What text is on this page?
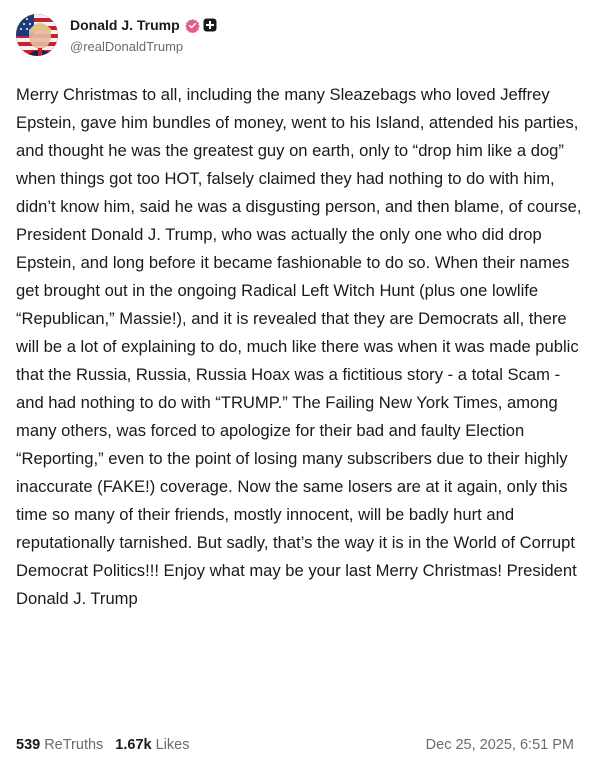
Donald J. Trump
@realDonaldTrump

Merry Christmas to all, including the many Sleazebags who loved Jeffrey Epstein, gave him bundles of money, went to his Island, attended his parties, and thought he was the greatest guy on earth, only to “drop him like a dog” when things got too HOT, falsely claimed they had nothing to do with him, didn’t know him, said he was a disgusting person, and then blame, of course, President Donald J. Trump, who was actually the only one who did drop Epstein, and long before it became fashionable to do so. When their names get brought out in the ongoing Radical Left Witch Hunt (plus one lowlife “Republican,” Massie!), and it is revealed that they are Democrats all, there will be a lot of explaining to do, much like there was when it was made public that the Russia, Russia, Russia Hoax was a fictitious story - a total Scam -

and had nothing to do with “TRUMP.” The Failing New York Times, among many others, was forced to apologize for their bad and faulty Election “Reporting,” even to the point of losing many subscribers due to their highly inaccurate (FAKE!) coverage. Now the same losers are at it again, only this time so many of their friends, mostly innocent, will be badly hurt and reputationally tarnished. But sadly, that’s the way it is in the World of Corrupt Democrat Politics!!! Enjoy what may be your last Merry Christmas! President Donald J. Trump

539 ReTruths 1.67k Likes	Dec 25, 2025, 6:51 PM
